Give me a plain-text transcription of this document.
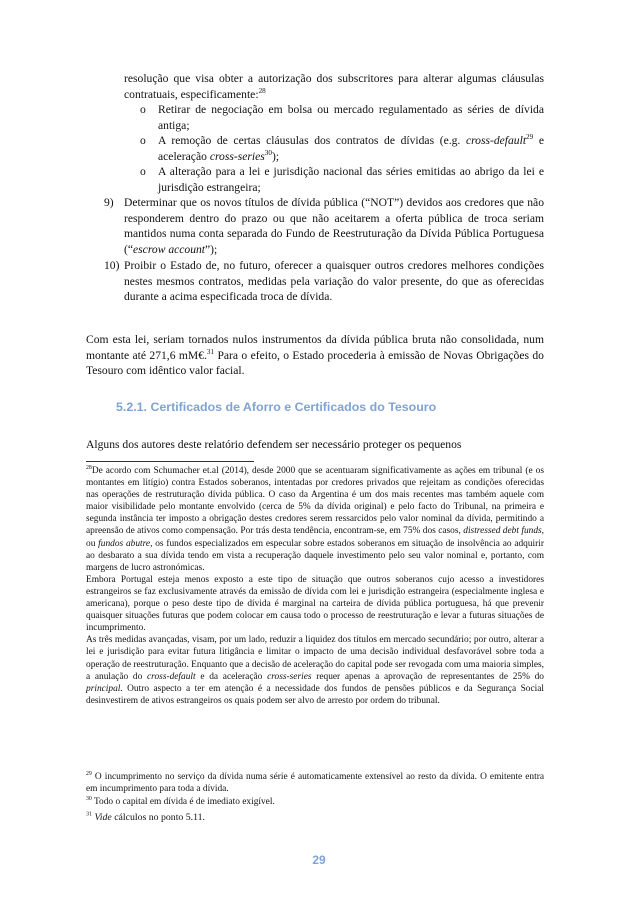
resolução que visa obter a autorização dos subscritores para alterar algumas cláusulas contratuais, especificamente:$^{28}$
o Retirar de negociação em bolsa ou mercado regulamentado as séries de dívida antiga;
o A remoção de certas cláusulas dos contratos de dívidas (e.g. cross-default$^{29}$ e aceleração cross-series$^{30}$);
o A alteração para a lei e jurisdição nacional das séries emitidas ao abrigo da lei e jurisdição estrangeira;
9) Determinar que os novos títulos de dívida pública (“NOT”) devidos aos credores que não responderem dentro do prazo ou que não aceitarem a oferta pública de troca seriam mantidos numa conta separada do Fundo de Reestruturação da Dívida Pública Portuguesa (“escrow account”);
10) Proibir o Estado de, no futuro, oferecer a quaisquer outros credores melhores condições nestes mesmos contratos, medidas pela variação do valor presente, do que as oferecidas durante a acima especificada troca de dívida.
Com esta lei, seriam tornados nulos instrumentos da dívida pública bruta não consolidada, num montante até 271,6 mM€.$^{31}$ Para o efeito, o Estado procederia à emissão de Novas Obrigações do Tesouro com idêntico valor facial.
5.2.1. Certificados de Aforro e Certificados do Tesouro
Alguns dos autores deste relatório defendem ser necessário proteger os pequenos
$^{28}$De acordo com Schumacher et.al (2014), desde 2000 que se acentuaram significativamente as ações em tribunal (e os montantes em litígio) contra Estados soberanos, intentadas por credores privados que rejeitam as condições oferecidas nas operações de restruturação dívida pública. O caso da Argentina é um dos mais recentes mas também aquele com maior visibilidade pelo montante envolvido (cerca de 5% da dívida original) e pelo facto do Tribunal, na primeira e segunda instância ter imposto a obrigação destes credores serem ressarcidos pelo valor nominal da dívida, permitindo a apreensão de ativos como compensação. Por trás desta tendência, encontram-se, em 75% dos casos, distressed debt funds, ou fundos abutre, os fundos especializados em especular sobre estados soberanos em situação de insolvência ao adquirir ao desbarato a sua dívida tendo em vista a recuperação daquele investimento pelo seu valor nominal e, portanto, com margens de lucro astronómicas.
Embora Portugal esteja menos exposto a este tipo de situação que outros soberanos cujo acesso a investidores estrangeiros se faz exclusivamente através da emissão de dívida com lei e jurisdição estrangeira (especialmente inglesa e americana), porque o peso deste tipo de dívida é marginal na carteira de dívida pública portuguesa, há que prevenir quaisquer situações futuras que podem colocar em causa todo o processo de reestruturação e levar a futuras situações de incumprimento.
As três medidas avançadas, visam, por um lado, reduzir a liquidez dos títulos em mercado secundário; por outro, alterar a lei e jurisdição para evitar futura litigância e limitar o impacto de uma decisão individual desfavorável sobre toda a operação de reestruturação. Enquanto que a decisão de aceleração do capital pode ser revogada com uma maioria simples, a anulação do cross-default e da aceleração cross-series requer apenas a aprovação de representantes de 25% do principal. Outro aspecto a ter em atenção é a necessidade dos fundos de pensões públicos e da Segurança Social desinvestirem de ativos estrangeiros os quais podem ser alvo de arresto por ordem do tribunal.
$^{29}$ O incumprimento no serviço da dívida numa série é automaticamente extensível ao resto da dívida. O emitente entra em incumprimento para toda a dívida.
$^{30}$ Todo o capital em dívida é de imediato exigível.
$^{31}$ Vide cálculos no ponto 5.11.
29
